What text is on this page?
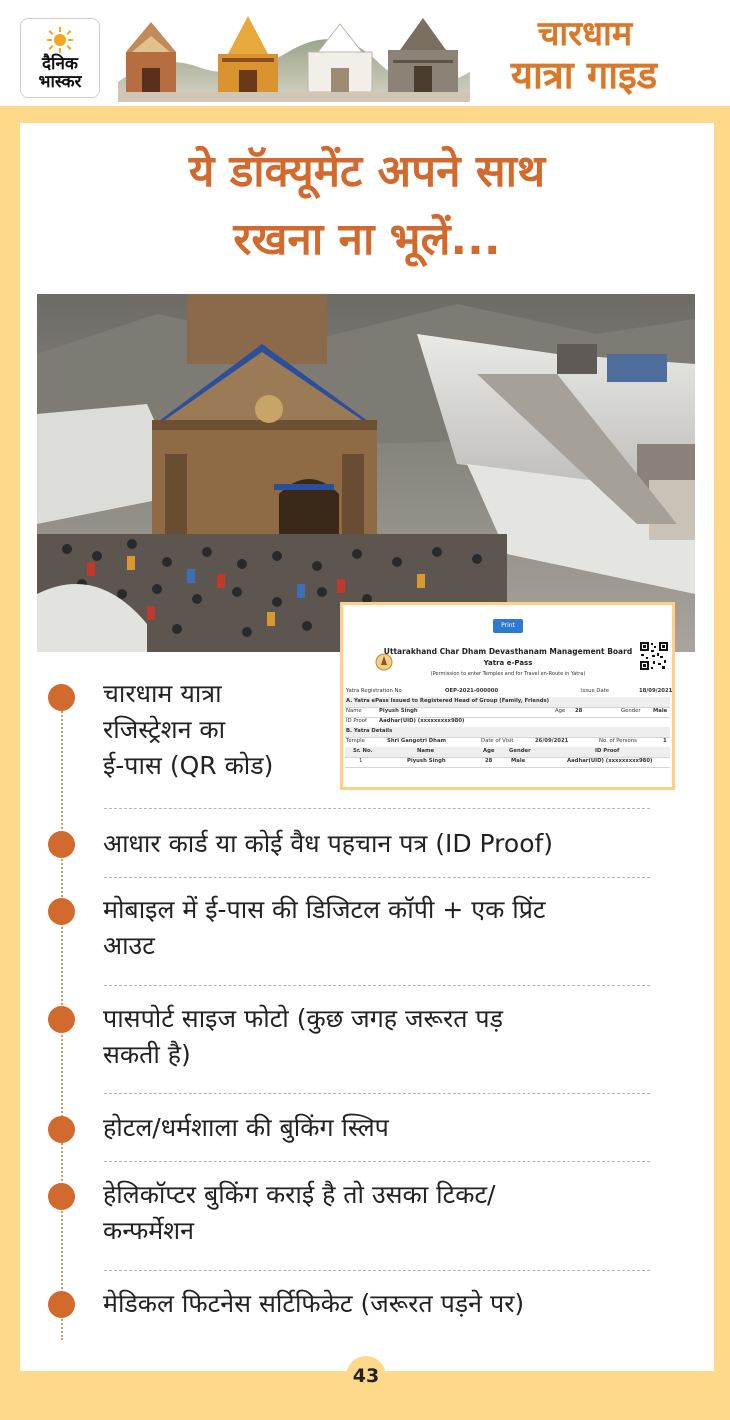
दैनिक
भास्कर
चारधाम
यात्रा गाइड
ये डॉक्यूमेंट अपने साथ
रखना ना भूलें...
Print
Uttarakhand Char Dham Devasthanam Management Board
Yatra e-Pass
(Permission to enter Temples and for Travel en-Route in Yatra)
Yatra Registration No	OEP-2021-000000	Issue Date	18/09/2021
A. Yatra ePass Issued to Registered Head of Group (Family, Friends)
Name	Piyush Singh	Age 28	Gender Male
ID Proof Aadhar(UID) (xxxxxxxxx980)
B. Yatra Details
Temple	Shri Gangotri Dham	Date of Visit	26/09/2021	No. of Persons	1
Sr. No.	Name	Age	Gender	ID Proof
1	Piyush Singh	28	Male	Aadhar(UID) (xxxxxxxxx980)
चारधाम यात्रा
रजिस्ट्रेशन का
ई-पास (QR कोड)
आधार कार्ड या कोई वैध पहचान पत्र (ID Proof)
मोबाइल में ई-पास की डिजिटल कॉपी + एक प्रिंट
आउट
पासपोर्ट साइज फोटो (कुछ जगह जरूरत पड़
सकती है)
होटल/धर्मशाला की बुकिंग स्लिप
हेलिकॉप्टर बुकिंग कराई है तो उसका टिकट/
कन्फर्मेशन
मेडिकल फिटनेस सर्टिफिकेट (जरूरत पड़ने पर)
43
